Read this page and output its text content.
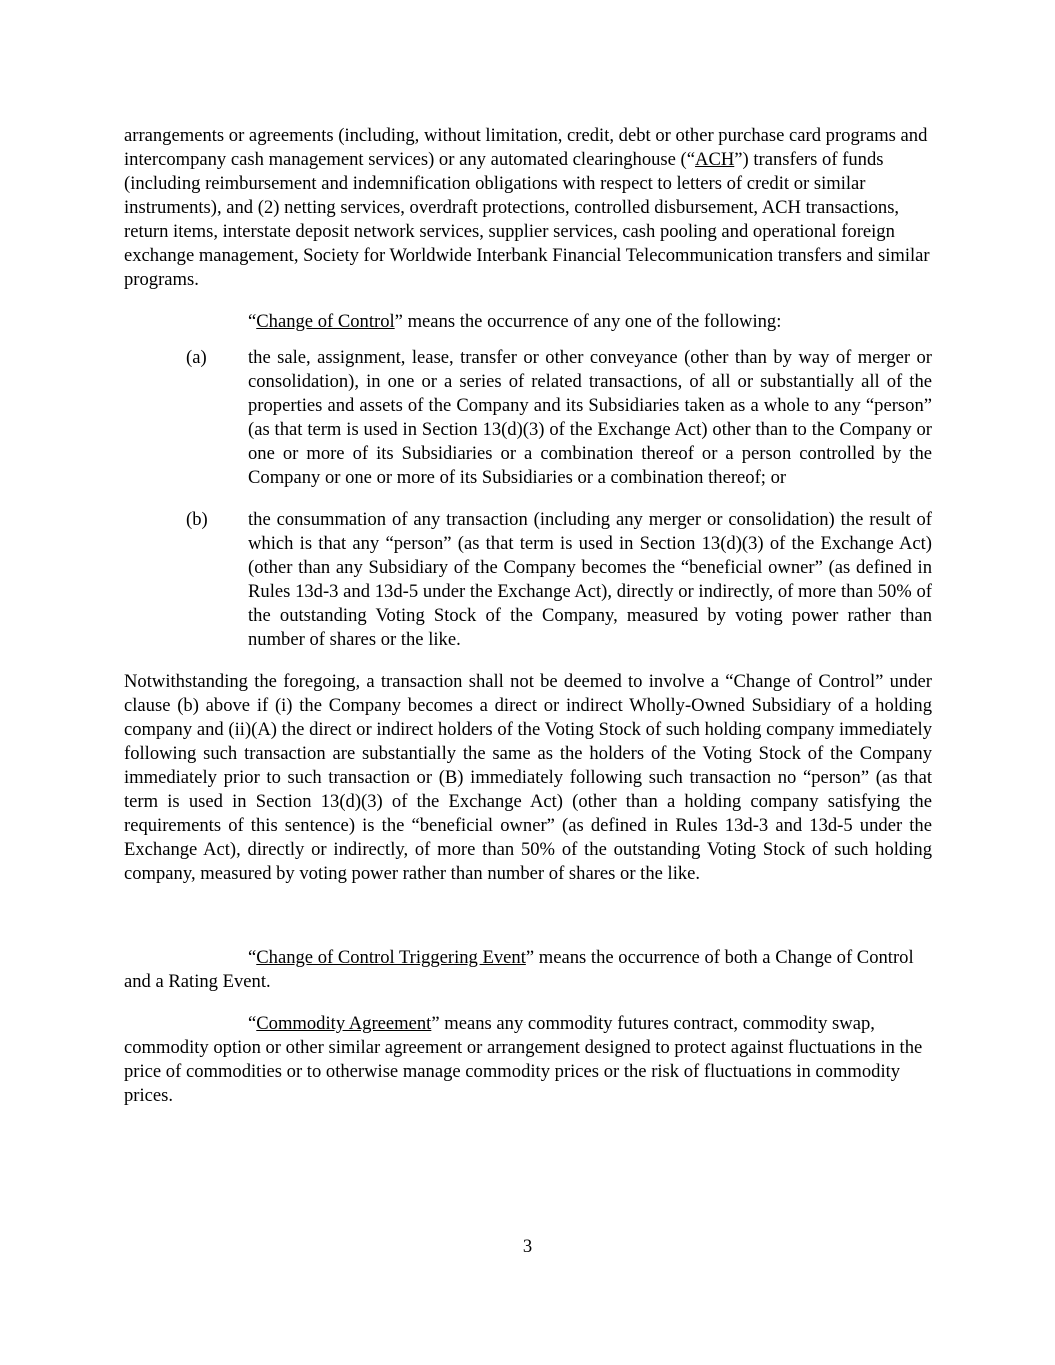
arrangements or agreements (including, without limitation, credit, debt or other purchase card programs and intercompany cash management services) or any automated clearinghouse (“ACH”) transfers of funds (including reimbursement and indemnification obligations with respect to letters of credit or similar instruments), and (2) netting services, overdraft protections, controlled disbursement, ACH transactions, return items, interstate deposit network services, supplier services, cash pooling and operational foreign exchange management, Society for Worldwide Interbank Financial Telecommunication transfers and similar programs.

“Change of Control” means the occurrence of any one of the following:

(a) the sale, assignment, lease, transfer or other conveyance (other than by way of merger or consolidation), in one or a series of related transactions, of all or substantially all of the properties and assets of the Company and its Subsidiaries taken as a whole to any “person” (as that term is used in Section 13(d)(3) of the Exchange Act) other than to the Company or one or more of its Subsidiaries or a combination thereof or a person controlled by the Company or one or more of its Subsidiaries or a combination thereof; or

(b) the consummation of any transaction (including any merger or consolidation) the result of which is that any “person” (as that term is used in Section 13(d)(3) of the Exchange Act) (other than any Subsidiary of the Company becomes the “beneficial owner” (as defined in Rules 13d-3 and 13d-5 under the Exchange Act), directly or indirectly, of more than 50% of the outstanding Voting Stock of the Company, measured by voting power rather than number of shares or the like.

Notwithstanding the foregoing, a transaction shall not be deemed to involve a “Change of Control” under clause (b) above if (i) the Company becomes a direct or indirect Wholly-Owned Subsidiary of a holding company and (ii)(A) the direct or indirect holders of the Voting Stock of such holding company immediately following such transaction are substantially the same as the holders of the Voting Stock of the Company immediately prior to such transaction or (B) immediately following such transaction no “person” (as that term is used in Section 13(d)(3) of the Exchange Act) (other than a holding company satisfying the requirements of this sentence) is the “beneficial owner” (as defined in Rules 13d-3 and 13d-5 under the Exchange Act), directly or indirectly, of more than 50% of the outstanding Voting Stock of such holding company, measured by voting power rather than number of shares or the like.

“Change of Control Triggering Event” means the occurrence of both a Change of Control and a Rating Event.

“Commodity Agreement” means any commodity futures contract, commodity swap, commodity option or other similar agreement or arrangement designed to protect against fluctuations in the price of commodities or to otherwise manage commodity prices or the risk of fluctuations in commodity prices.

3
